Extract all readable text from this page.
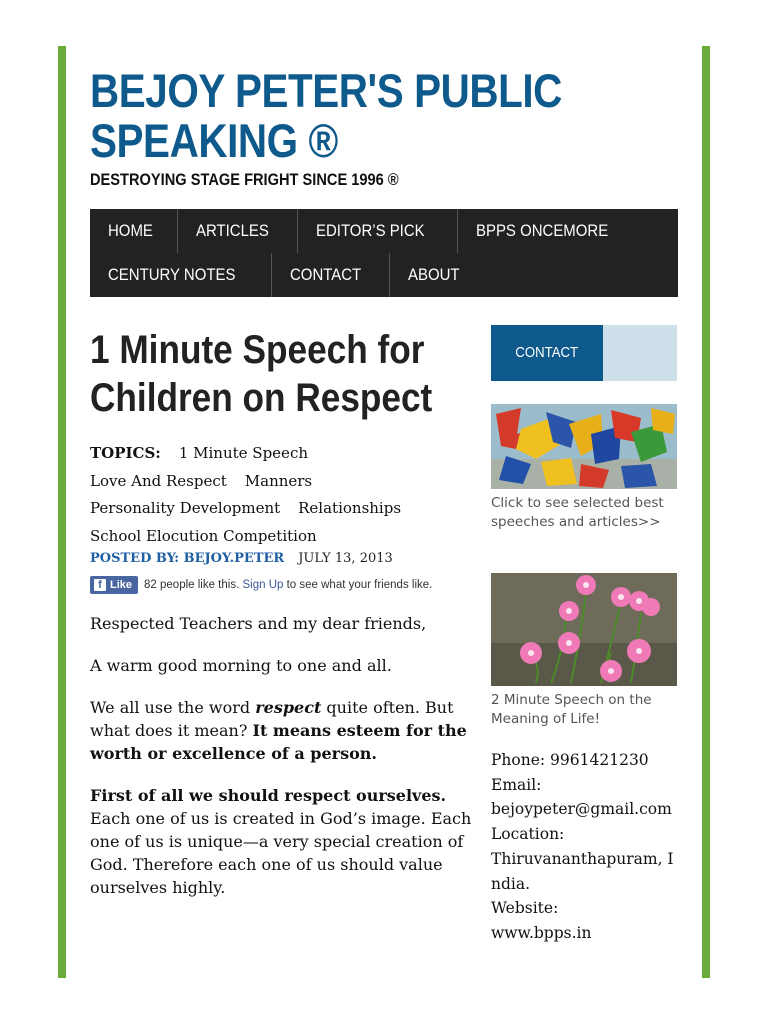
BEJOY PETER'S PUBLIC
SPEAKING ®
DESTROYING STAGE FRIGHT SINCE 1996 ®
HOME	ARTICLES	EDITOR’S PICK	BPPS ONCEMORE
CENTURY NOTES	CONTACT	ABOUT
1 Minute Speech for
Children on Respect
TOPICS: 1 Minute Speech
Love And Respect Manners
Personality Development Relationships
School Elocution Competition
POSTED BY: BEJOY.PETER JULY 13, 2013
f Like 82 people like this.
Sign Up
to see what your friends like.

Respected Teachers and my dear friends,

A warm good morning to one and all.

We all use the word respect quite often. But what does it mean? It means esteem for the worth or excellence of a person.

First of all we should respect ourselves. Each one of us is created in God’s image. Each one of us is unique—a very special creation of God. Therefore each one of us should value ourselves highly.

CONTACT
Click to see selected best speeches and articles>>
2 Minute Speech on the Meaning of Life!
Phone: 9961421230
Email:
bejoypeter@gmail.com
Location:
Thiruvananthapuram, India.
Website:
www.bpps.in
